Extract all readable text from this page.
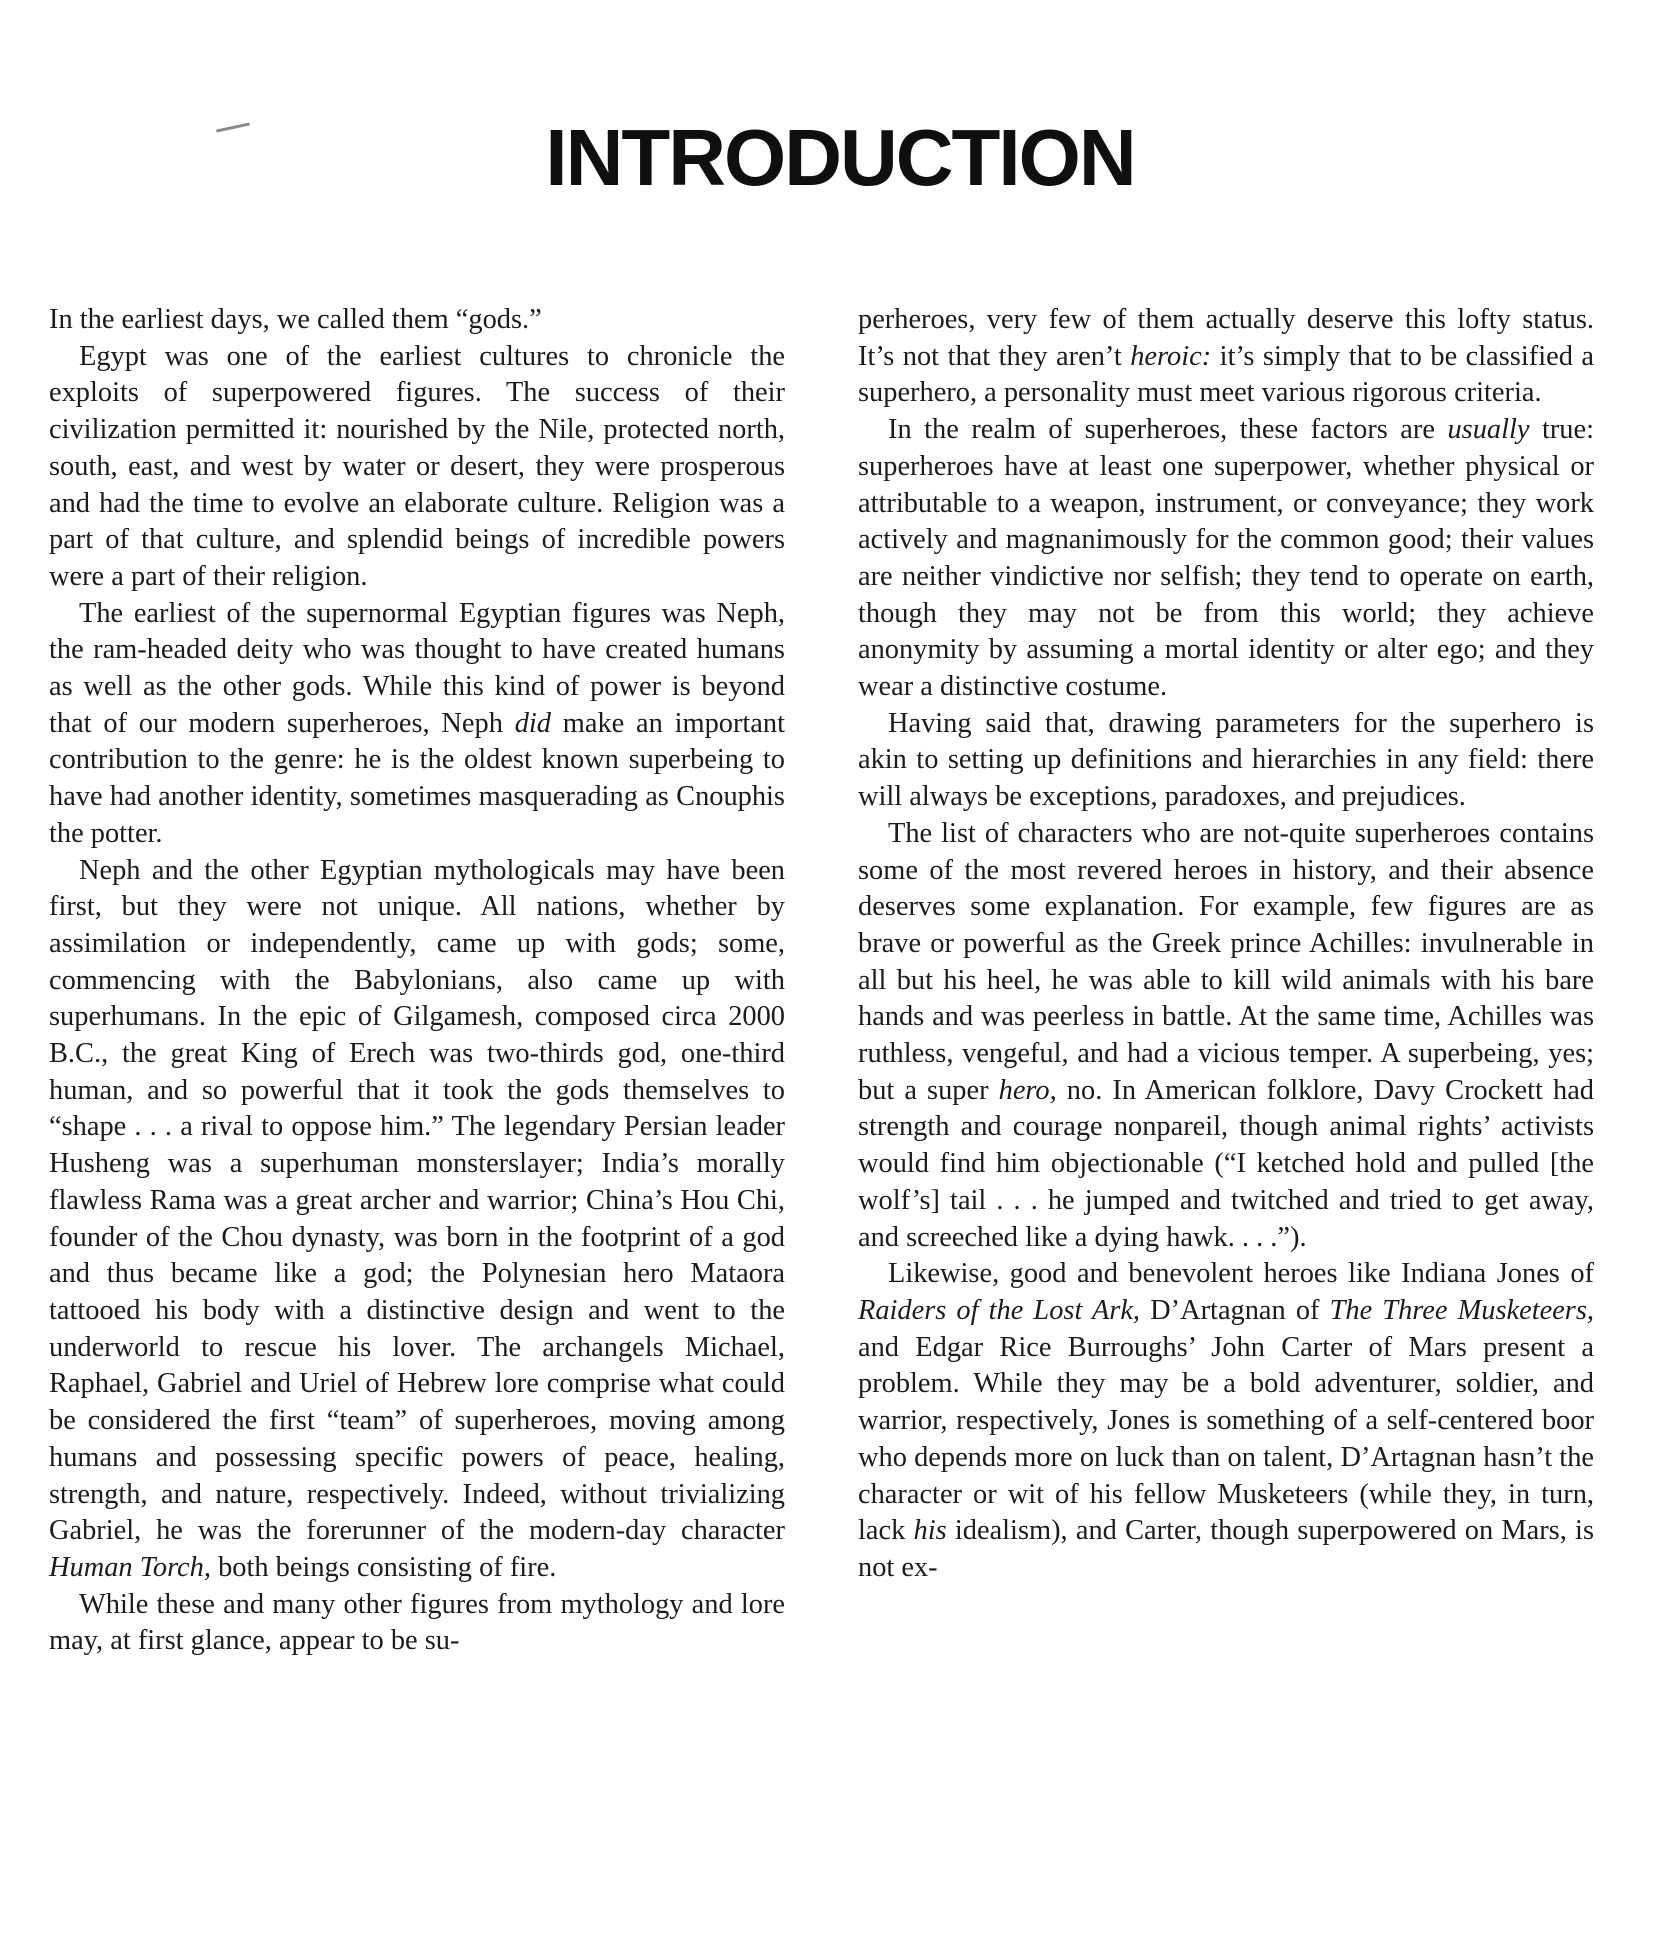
INTRODUCTION

In the earliest days, we called them “gods.”

Egypt was one of the earliest cultures to chronicle the exploits of superpowered figures. The success of their civilization permitted it: nourished by the Nile, protected north, south, east, and west by water or desert, they were prosperous and had the time to evolve an elaborate culture. Religion was a part of that culture, and splendid beings of incredible powers were a part of their religion.

The earliest of the supernormal Egyptian figures was Neph, the ram-headed deity who was thought to have created humans as well as the other gods. While this kind of power is beyond that of our modern superheroes, Neph did make an important contribution to the genre: he is the oldest known superbeing to have had another identity, sometimes masquerading as Cnouphis the potter.

Neph and the other Egyptian mythologicals may have been first, but they were not unique. All nations, whether by assimilation or independently, came up with gods; some, commencing with the Babylonians, also came up with superhumans. In the epic of Gilgamesh, composed circa 2000 B.C., the great King of Erech was two-thirds god, one-third human, and so powerful that it took the gods themselves to “shape . . . a rival to oppose him.” The legendary Persian leader Husheng was a superhuman monsterslayer; India’s morally flawless Rama was a great archer and warrior; China’s Hou Chi, founder of the Chou dynasty, was born in the footprint of a god and thus became like a god; the Polynesian hero Mataora tattooed his body with a distinctive design and went to the underworld to rescue his lover. The archangels Michael, Raphael, Gabriel and Uriel of Hebrew lore comprise what could be considered the first “team” of superheroes, moving among humans and possessing specific powers of peace, healing, strength, and nature, respectively. Indeed, without trivializing Gabriel, he was the forerunner of the modern-day character Human Torch, both beings consisting of fire.

While these and many other figures from mythology and lore may, at first glance, appear to be su-

perheroes, very few of them actually deserve this lofty status. It’s not that they aren’t heroic: it’s simply that to be classified a superhero, a personality must meet various rigorous criteria.

In the realm of superheroes, these factors are usually true: superheroes have at least one superpower, whether physical or attributable to a weapon, instrument, or conveyance; they work actively and magnanimously for the common good; their values are neither vindictive nor selfish; they tend to operate on earth, though they may not be from this world; they achieve anonymity by assuming a mortal identity or alter ego; and they wear a distinctive costume.

Having said that, drawing parameters for the superhero is akin to setting up definitions and hierarchies in any field: there will always be exceptions, paradoxes, and prejudices.

The list of characters who are not-quite superheroes contains some of the most revered heroes in history, and their absence deserves some explanation. For example, few figures are as brave or powerful as the Greek prince Achilles: invulnerable in all but his heel, he was able to kill wild animals with his bare hands and was peerless in battle. At the same time, Achilles was ruthless, vengeful, and had a vicious temper. A superbeing, yes; but a super hero, no. In American folklore, Davy Crockett had strength and courage nonpareil, though animal rights’ activists would find him objectionable (“I ketched hold and pulled [the wolf’s] tail . . . he jumped and twitched and tried to get away, and screeched like a dying hawk. . . .”).

Likewise, good and benevolent heroes like Indiana Jones of Raiders of the Lost Ark, D’Artagnan of The Three Musketeers, and Edgar Rice Burroughs’ John Carter of Mars present a problem. While they may be a bold adventurer, soldier, and warrior, respectively, Jones is something of a self-centered boor who depends more on luck than on talent, D’Artagnan hasn’t the character or wit of his fellow Musketeers (while they, in turn, lack his idealism), and Carter, though superpowered on Mars, is not ex-
